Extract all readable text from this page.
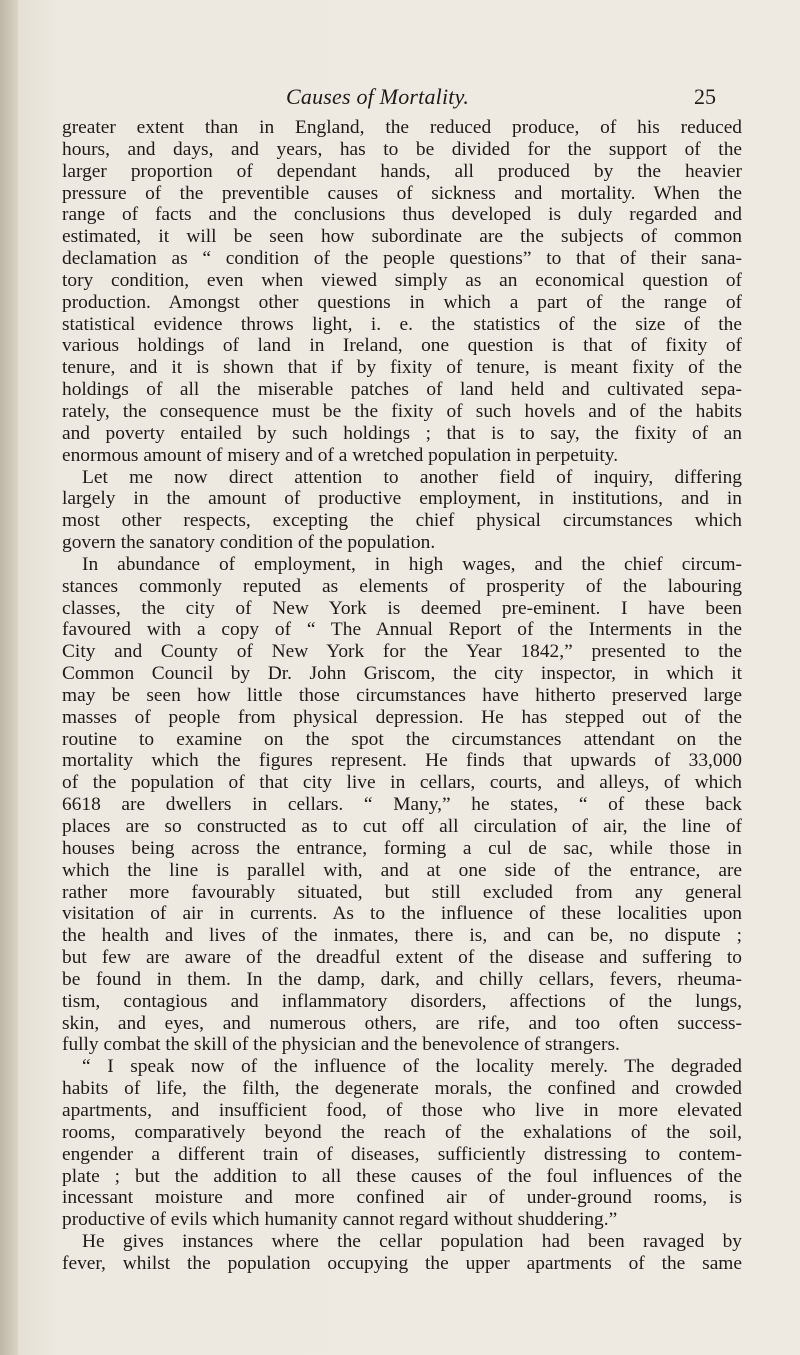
Causes of Mortality.	25
greater extent than in England, the reduced produce, of his reduced
hours, and days, and years, has to be divided for the support of the
larger proportion of dependant hands, all produced by the heavier
pressure of the preventible causes of sickness and mortality. When the
range of facts and the conclusions thus developed is duly regarded and
estimated, it will be seen how subordinate are the subjects of common
declamation as “ condition of the people questions” to that of their sana-
tory condition, even when viewed simply as an economical question of
production. Amongst other questions in which a part of the range of
statistical evidence throws light, i. e. the statistics of the size of the
various holdings of land in Ireland, one question is that of fixity of
tenure, and it is shown that if by fixity of tenure, is meant fixity of the
holdings of all the miserable patches of land held and cultivated sepa-
rately, the consequence must be the fixity of such hovels and of the habits
and poverty entailed by such holdings ; that is to say, the fixity of an
enormous amount of misery and of a wretched population in perpetuity.
Let me now direct attention to another field of inquiry, differing
largely in the amount of productive employment, in institutions, and in
most other respects, excepting the chief physical circumstances which
govern the sanatory condition of the population.
In abundance of employment, in high wages, and the chief circum-
stances commonly reputed as elements of prosperity of the labouring
classes, the city of New York is deemed pre-eminent. I have been
favoured with a copy of “ The Annual Report of the Interments in the
City and County of New York for the Year 1842,” presented to the
Common Council by Dr. John Griscom, the city inspector, in which it
may be seen how little those circumstances have hitherto preserved large
masses of people from physical depression. He has stepped out of the
routine to examine on the spot the circumstances attendant on the
mortality which the figures represent. He finds that upwards of 33,000
of the population of that city live in cellars, courts, and alleys, of which
6618 are dwellers in cellars. “ Many,” he states, “ of these back
places are so constructed as to cut off all circulation of air, the line of
houses being across the entrance, forming a cul de sac, while those in
which the line is parallel with, and at one side of the entrance, are
rather more favourably situated, but still excluded from any general
visitation of air in currents. As to the influence of these localities upon
the health and lives of the inmates, there is, and can be, no dispute ;
but few are aware of the dreadful extent of the disease and suffering to
be found in them. In the damp, dark, and chilly cellars, fevers, rheuma-
tism, contagious and inflammatory disorders, affections of the lungs,
skin, and eyes, and numerous others, are rife, and too often success-
fully combat the skill of the physician and the benevolence of strangers.
“ I speak now of the influence of the locality merely. The degraded
habits of life, the filth, the degenerate morals, the confined and crowded
apartments, and insufficient food, of those who live in more elevated
rooms, comparatively beyond the reach of the exhalations of the soil,
engender a different train of diseases, sufficiently distressing to contem-
plate ; but the addition to all these causes of the foul influences of the
incessant moisture and more confined air of under-ground rooms, is
productive of evils which humanity cannot regard without shuddering.”
He gives instances where the cellar population had been ravaged by
fever, whilst the population occupying the upper apartments of the same
